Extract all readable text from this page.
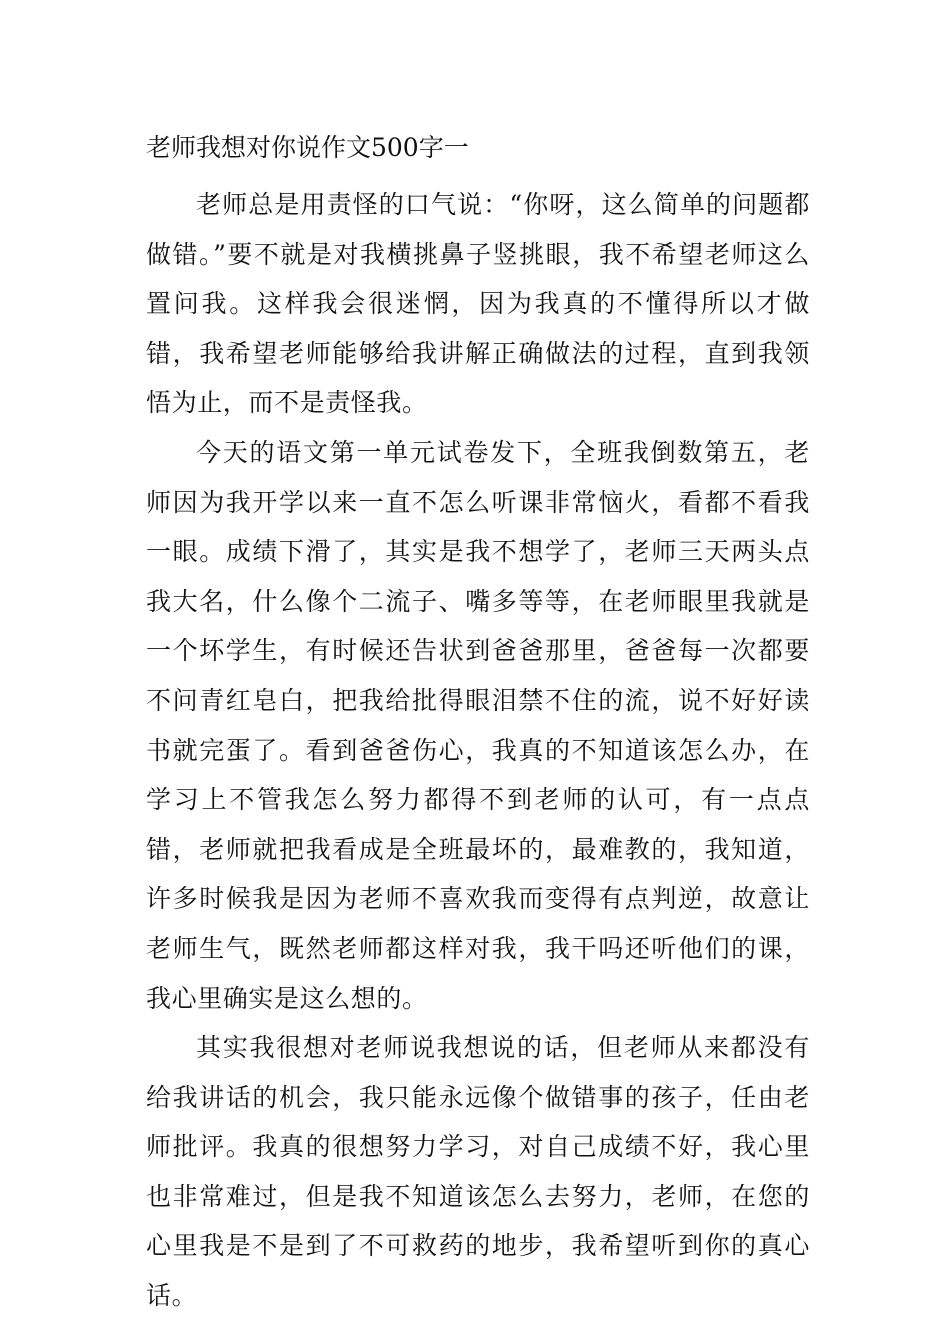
老师我想对你说作文500字一

老师总是用责怪的口气说：“你呀，这么简单的问题都做错。”要不就是对我横挑鼻子竖挑眼，我不希望老师这么置问我。这样我会很迷惘，因为我真的不懂得所以才做错，我希望老师能够给我讲解正确做法的过程，直到我领悟为止，而不是责怪我。

今天的语文第一单元试卷发下，全班我倒数第五，老师因为我开学以来一直不怎么听课非常恼火，看都不看我一眼。成绩下滑了，其实是我不想学了，老师三天两头点我大名，什么像个二流子、嘴多等等，在老师眼里我就是一个坏学生，有时候还告状到爸爸那里，爸爸每一次都要不问青红皂白，把我给批得眼泪禁不住的流，说不好好读书就完蛋了。看到爸爸伤心，我真的不知道该怎么办，在学习上不管我怎么努力都得不到老师的认可，有一点点错，老师就把我看成是全班最坏的，最难教的，我知道，许多时候我是因为老师不喜欢我而变得有点判逆，故意让老师生气，既然老师都这样对我，我干吗还听他们的课，我心里确实是这么想的。

其实我很想对老师说我想说的话，但老师从来都没有给我讲话的机会，我只能永远像个做错事的孩子，任由老师批评。我真的很想努力学习，对自己成绩不好，我心里也非常难过，但是我不知道该怎么去努力，老师，在您的心里我是不是到了不可救药的地步，我希望听到你的真心话。
